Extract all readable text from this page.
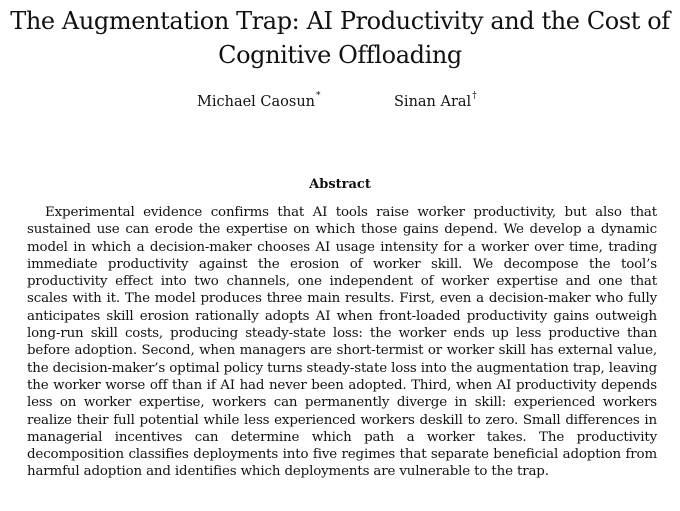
The Augmentation Trap: AI Productivity and the Cost of Cognitive Offloading
Michael Caosun*	Sinan Aral†
Abstract

Experimental evidence confirms that AI tools raise worker productivity, but also that sustained use can erode the expertise on which those gains depend. We develop a dynamic model in which a decision-maker chooses AI usage intensity for a worker over time, trading immediate productivity against the erosion of worker skill. We decompose the tool’s productivity effect into two channels, one independent of worker expertise and one that scales with it. The model produces three main results. First, even a decision-maker who fully anticipates skill erosion rationally adopts AI when front-loaded productivity gains outweigh long-run skill costs, producing steady-state loss: the worker ends up less productive than before adoption. Second, when managers are short-termist or worker skill has external value, the decision-maker’s optimal policy turns steady-state loss into the augmentation trap, leaving the worker worse off than if AI had never been adopted. Third, when AI productivity depends less on worker expertise, workers can permanently diverge in skill: experienced workers realize their full potential while less experienced workers deskill to zero. Small differences in managerial incentives can determine which path a worker takes. The productivity decomposition classifies deployments into five regimes that separate beneficial adoption from harmful adoption and identifies which deployments are vulnerable to the trap.
